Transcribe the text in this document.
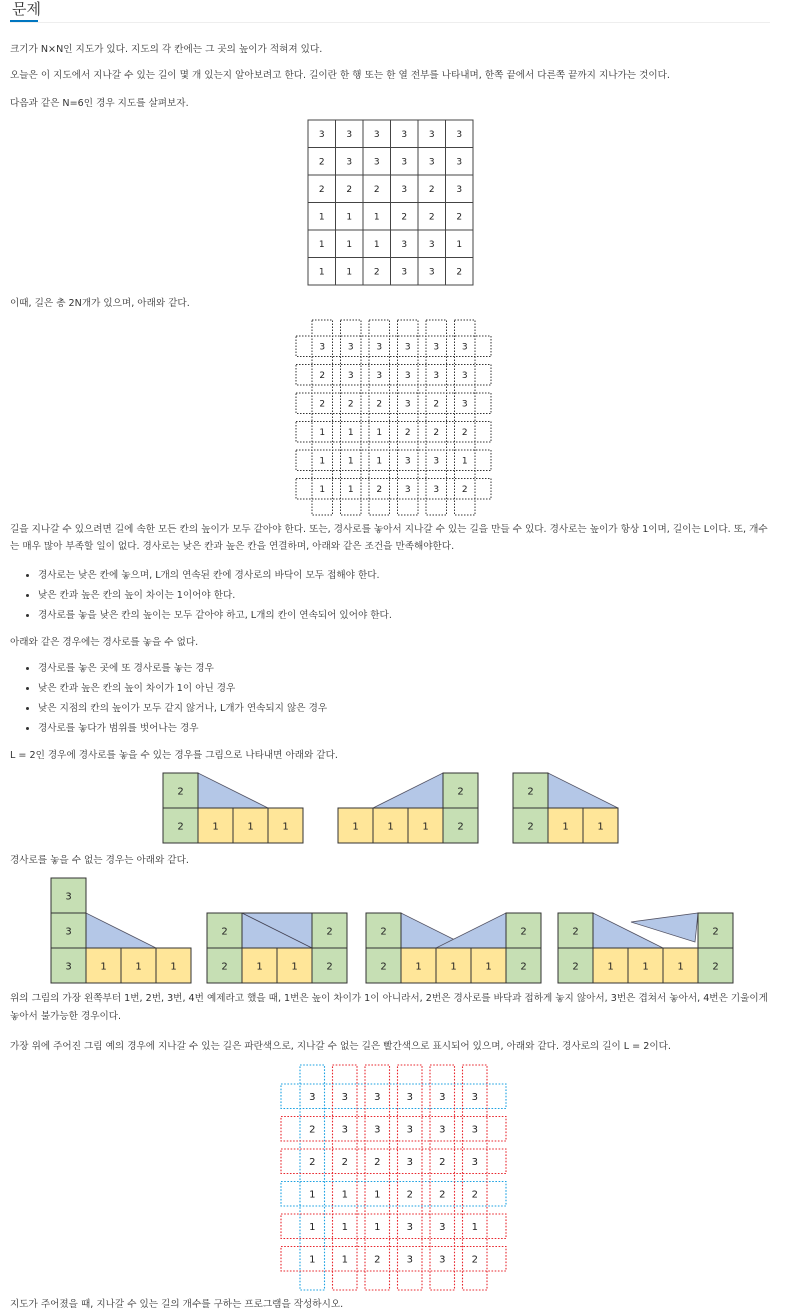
문제

크기가 N×N인 지도가 있다. 지도의 각 칸에는 그 곳의 높이가 적혀져 있다.

오늘은 이 지도에서 지나갈 수 있는 길이 몇 개 있는지 알아보려고 한다. 길이란 한 행 또는 한 열 전부를 나타내며, 한쪽 끝에서 다른쪽 끝까지 지나가는 것이다.

다음과 같은 N=6인 경우 지도를 살펴보자.

3 3 3 3 3 3
2 3 3 3 3 3
2 2 2 3 2 3
1 1 1 2 2 2
1 1 1 3 3 1
1 1 2 3 3 2

이때, 길은 총 2N개가 있으며, 아래와 같다.

3	3	3	3	3	3
2	3	3	3	3	3
2	2	2	3	2	3
1	1	1	2	2	2
1	1	1	3	3	1
1	1	2	3	3	2

길을 지나갈 수 있으려면 길에 속한 모든 칸의 높이가 모두 같아야 한다. 또는, 경사로를 놓아서 지나갈 수 있는 길을 만들 수 있다. 경사로는 높이가 항상 1이며, 길이는 L이다. 또, 개수는 매우 많아 부족할 일이 없다. 경사로는 낮은 칸과 높은 칸을 연결하며, 아래와 같은 조건을 만족해야한다.

• 경사로는 낮은 칸에 놓으며, L개의 연속된 칸에 경사로의 바닥이 모두 접해야 한다.
• 낮은 칸과 높은 칸의 높이 차이는 1이어야 한다.
• 경사로를 놓을 낮은 칸의 높이는 모두 같아야 하고, L개의 칸이 연속되어 있어야 한다.

아래와 같은 경우에는 경사로를 놓을 수 없다.

• 경사로를 놓은 곳에 또 경사로를 놓는 경우
• 낮은 칸과 높은 칸의 높이 차이가 1이 아닌 경우
• 낮은 지점의 칸의 높이가 모두 같지 않거나, L개가 연속되지 않은 경우
• 경사로를 놓다가 범위를 벗어나는 경우

L = 2인 경우에 경사로를 놓을 수 있는 경우를 그림으로 나타내면 아래와 같다.

2
2
1	1	1	1	1	1	2
2
2
2
1	1

경사로를 놓을 수 없는 경우는 아래와 같다.

3	1	1	1
3
3
2	1	1	2
2	2
2	1	1	1	2
2	2
2	1	1	1	2
2	2

위의 그림의 가장 왼쪽부터 1번, 2번, 3번, 4번 예제라고 했을 때, 1번은 높이 차이가 1이 아니라서, 2번은 경사로를 바닥과 접하게 놓지 않아서, 3번은 겹쳐서 놓아서, 4번은 기울이게 놓아서 불가능한 경우이다.

가장 위에 주어진 그림 예의 경우에 지나갈 수 있는 길은 파란색으로, 지나갈 수 없는 길은 빨간색으로 표시되어 있으며, 아래와 같다. 경사로의 길이 L = 2이다.

3	3	3	3	3	3
2	3	3	3	3	3
2	2	2	3	2	3
1	1	1	2	2	2
1	1	1	3	3	1
1	1	2	3	3	2

지도가 주어졌을 때, 지나갈 수 있는 길의 개수를 구하는 프로그램을 작성하시오.
